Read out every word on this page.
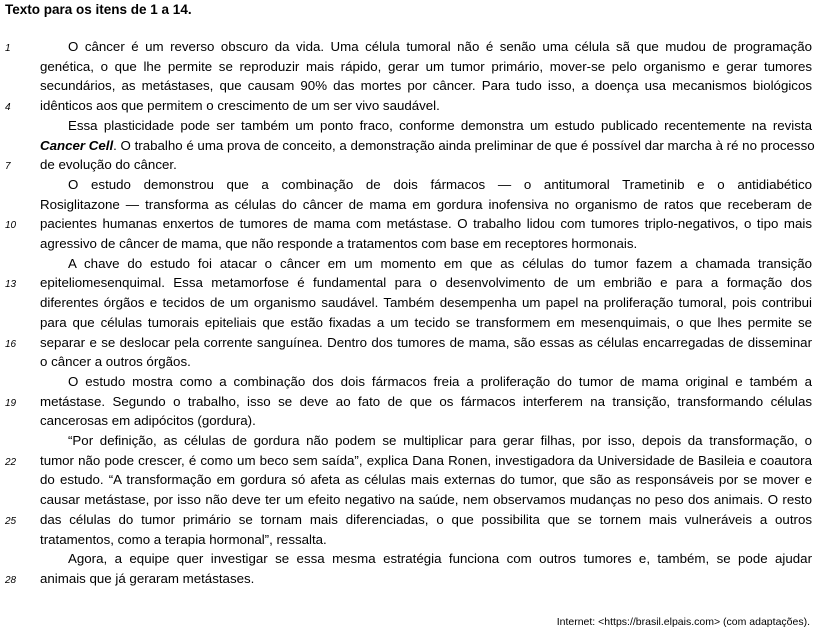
Texto para os itens de 1 a 14.
O câncer é um reverso obscuro da vida. Uma célula tumoral não é senão uma célula sã que mudou de programação
genética, o que lhe permite se reproduzir mais rápido, gerar um tumor primário, mover-se pelo organismo e gerar tumores
secundários, as metástases, que causam 90% das mortes por câncer. Para tudo isso, a doença usa mecanismos biológicos
idênticos aos que permitem o crescimento de um ser vivo saudável.
Essa plasticidade pode ser também um ponto fraco, conforme demonstra um estudo publicado recentemente na revista
Cancer Cell. O trabalho é uma prova de conceito, a demonstração ainda preliminar de que é possível dar marcha à ré no processo
de evolução do câncer.
O estudo demonstrou que a combinação de dois fármacos — o antitumoral Trametinib e o antidiabético
Rosiglitazone — transforma as células do câncer de mama em gordura inofensiva no organismo de ratos que receberam de
pacientes humanas enxertos de tumores de mama com metástase. O trabalho lidou com tumores triplo-negativos, o tipo mais
agressivo de câncer de mama, que não responde a tratamentos com base em receptores hormonais.
A chave do estudo foi atacar o câncer em um momento em que as células do tumor fazem a chamada transição
epiteliomesenquimal. Essa metamorfose é fundamental para o desenvolvimento de um embrião e para a formação dos
diferentes órgãos e tecidos de um organismo saudável. Também desempenha um papel na proliferação tumoral, pois contribui
para que células tumorais epiteliais que estão fixadas a um tecido se transformem em mesenquimais, o que lhes permite se
separar e se deslocar pela corrente sanguínea. Dentro dos tumores de mama, são essas as células encarregadas de disseminar
o câncer a outros órgãos.
O estudo mostra como a combinação dos dois fármacos freia a proliferação do tumor de mama original e também a
metástase. Segundo o trabalho, isso se deve ao fato de que os fármacos interferem na transição, transformando células
cancerosas em adipócitos (gordura).
“Por definição, as células de gordura não podem se multiplicar para gerar filhas, por isso, depois da transformação, o
tumor não pode crescer, é como um beco sem saída”, explica Dana Ronen, investigadora da Universidade de Basileia e coautora
do estudo. “A transformação em gordura só afeta as células mais externas do tumor, que são as responsáveis por se mover e
causar metástase, por isso não deve ter um efeito negativo na saúde, nem observamos mudanças no peso dos animais. O resto
das células do tumor primário se tornam mais diferenciadas, o que possibilita que se tornem mais vulneráveis a outros
tratamentos, como a terapia hormonal”, ressalta.
Agora, a equipe quer investigar se essa mesma estratégia funciona com outros tumores e, também, se pode ajudar
animais que já geraram metástases.
1
4
7
10
13
16
19
22
25
28
Internet: <https://brasil.elpais.com> (com adaptações).
